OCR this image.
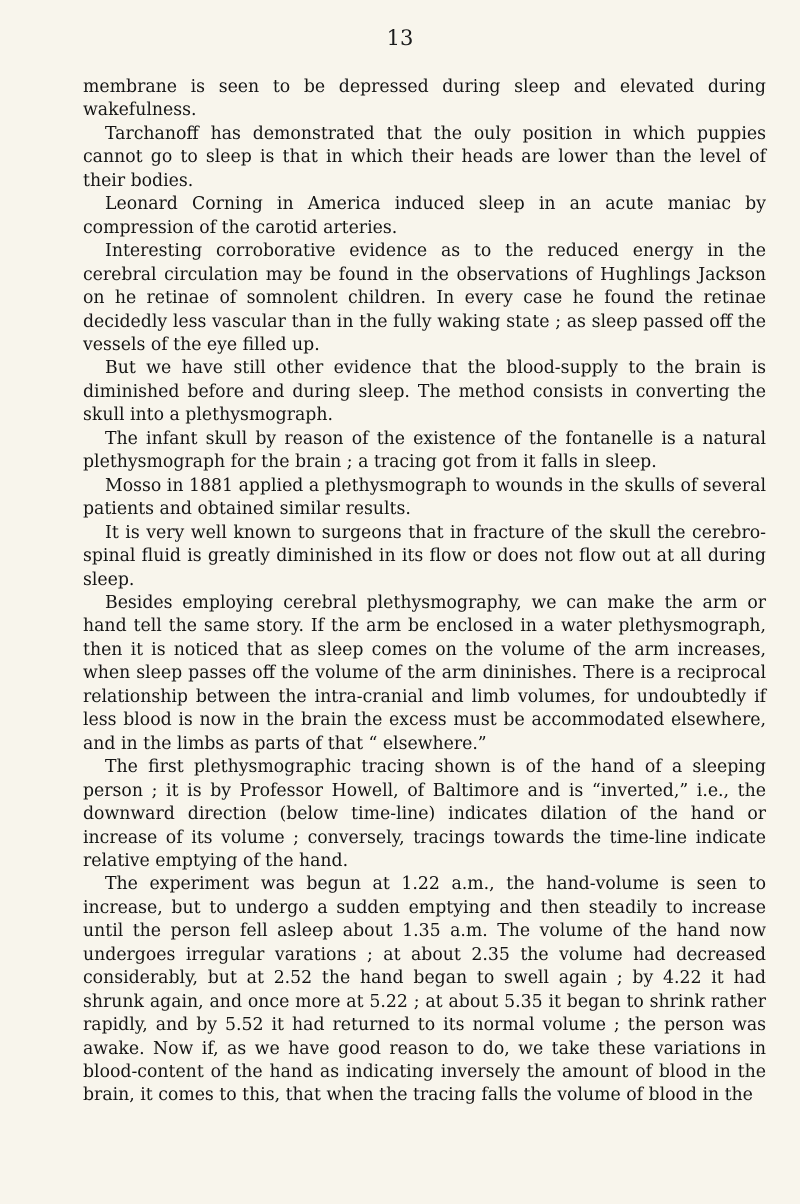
13

membrane is seen to be depressed during sleep and elevated during wakefulness.

Tarchanoff has demonstrated that the ouly position in which puppies cannot go to sleep is that in which their heads are lower than the level of their bodies.

Leonard Corning in America induced sleep in an acute maniac by compression of the carotid arteries.

Interesting corroborative evidence as to the reduced energy in the cerebral circulation may be found in the observations of Hughlings Jackson on he retinae of somnolent children. In every case he found the retinae decidedly less vascular than in the fully waking state ; as sleep passed off the vessels of the eye filled up.

But we have still other evidence that the blood-supply to the brain is diminished before and during sleep. The method consists in converting the skull into a plethysmograph.

The infant skull by reason of the existence of the fontanelle is a natural plethysmograph for the brain ; a tracing got from it falls in sleep.

Mosso in 1881 applied a plethysmograph to wounds in the skulls of several patients and obtained similar results.

It is very well known to surgeons that in fracture of the skull the cerebro-spinal fluid is greatly diminished in its flow or does not flow out at all during sleep.

Besides employing cerebral plethysmography, we can make the arm or hand tell the same story. If the arm be enclosed in a water plethysmograph, then it is noticed that as sleep comes on the volume of the arm increases, when sleep passes off the volume of the arm dininishes. There is a reciprocal relationship between the intra-cranial and limb volumes, for undoubtedly if less blood is now in the brain the excess must be accommodated elsewhere, and in the limbs as parts of that “ elsewhere.”

The first plethysmographic tracing shown is of the hand of a sleeping person ; it is by Professor Howell, of Baltimore and is “inverted,” i.e., the downward direction (below time-line) indicates dilation of the hand or increase of its volume ; conversely, tracings towards the time-line indicate relative emptying of the hand.

The experiment was begun at 1.22 a.m., the hand-volume is seen to increase, but to undergo a sudden emptying and then steadily to increase until the person fell asleep about 1.35 a.m. The volume of the hand now undergoes irregular varations ; at about 2.35 the volume had decreased considerably, but at 2.52 the hand began to swell again ; by 4.22 it had shrunk again, and once more at 5.22 ; at about 5.35 it began to shrink rather rapidly, and by 5.52 it had returned to its normal volume ; the person was awake. Now if, as we have good reason to do, we take these variations in blood-content of the hand as indicating inversely the amount of blood in the brain, it comes to this, that when the tracing falls the volume of blood in the
